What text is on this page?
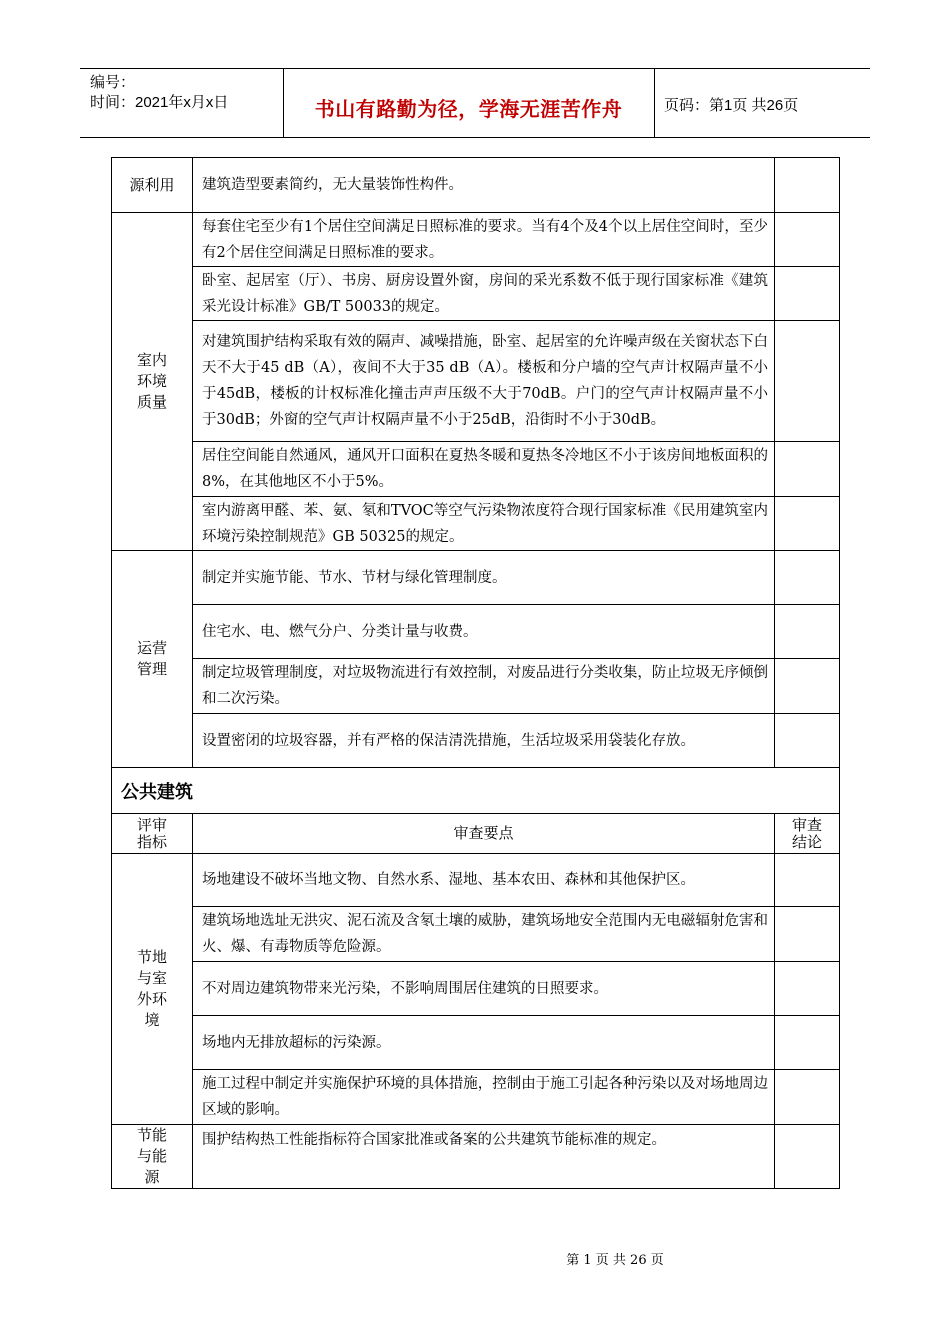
编号：
时间：2021年x月x日	书山有路勤为径，学海无涯苦作舟	页码：第1页 共26页
源利用	建筑造型要素简约，无大量装饰性构件。	

室内环境质量	每套住宅至少有1个居住空间满足日照标准的要求。当有4个及4个以上居住空间时，至少有2个居住空间满足日照标准的要求。	
	卧室、起居室（厅）、书房、厨房设置外窗，房间的采光系数不低于现行国家标准《建筑采光设计标准》GB/T 50033的规定。	
	对建筑围护结构采取有效的隔声、减噪措施，卧室、起居室的允许噪声级在关窗状态下白天不大于45 dB（A），夜间不大于35 dB（A）。楼板和分户墙的空气声计权隔声量不小于45dB，楼板的计权标准化撞击声声压级不大于70dB。户门的空气声计权隔声量不小于30dB；外窗的空气声计权隔声量不小于25dB，沿街时不小于30dB。	
	居住空间能自然通风，通风开口面积在夏热冬暖和夏热冬冷地区不小于该房间地板面积的8%，在其他地区不小于5%。	
	室内游离甲醛、苯、氨、氡和TVOC等空气污染物浓度符合现行国家标准《民用建筑室内环境污染控制规范》GB 50325的规定。	

运营管理	制定并实施节能、节水、节材与绿化管理制度。	
	住宅水、电、燃气分户、分类计量与收费。	
	制定垃圾管理制度，对垃圾物流进行有效控制，对废品进行分类收集，防止垃圾无序倾倒和二次污染。	
	设置密闭的垃圾容器，并有严格的保洁清洗措施，生活垃圾采用袋装化存放。	
公共建筑		

评审指标	审查要点	审查结论

节地与室外环境	场地建设不破坏当地文物、自然水系、湿地、基本农田、森林和其他保护区。	
	建筑场地选址无洪灾、泥石流及含氡土壤的威胁，建筑场地安全范围内无电磁辐射危害和火、爆、有毒物质等危险源。	
	不对周边建筑物带来光污染，不影响周围居住建筑的日照要求。	
	场地内无排放超标的污染源。	
	施工过程中制定并实施保护环境的具体措施，控制由于施工引起各种污染以及对场地周边区域的影响。	

节能与能源	围护结构热工性能指标符合国家批准或备案的公共建筑节能标准的规定。	
第 1 页 共 26 页
